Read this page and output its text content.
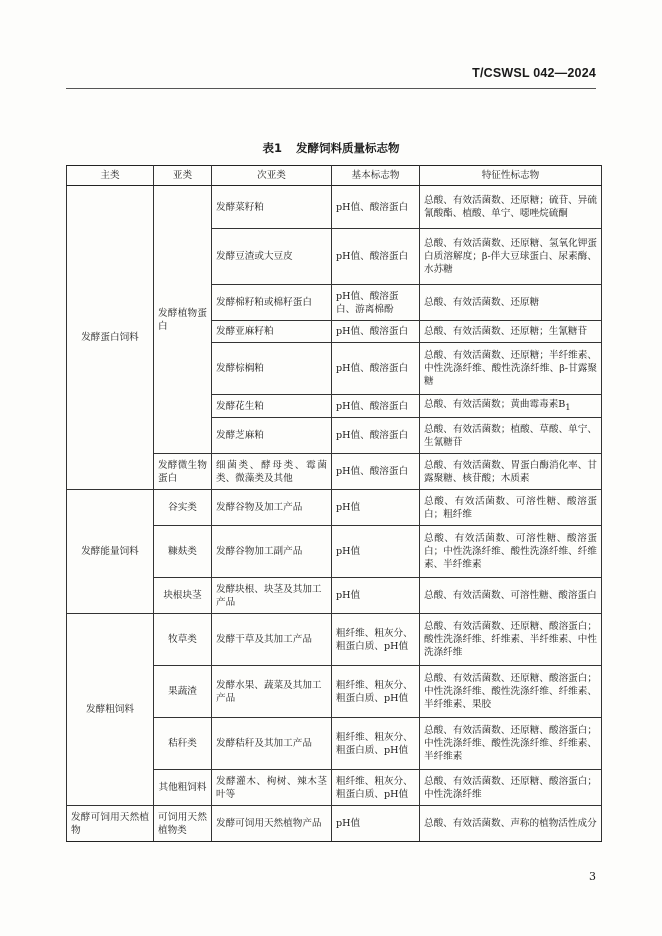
T/CSWSL 042—2024
表1 发酵饲料质量标志物
主类	亚类	次亚类	基本标志物	特征性标志物
发酵蛋白饲料	发酵植物蛋白	发酵菜籽粕	pH值、酸溶蛋白	总酸、有效活菌数、还原糖；硫苷、异硫氰酸酯、植酸、单宁、噁唑烷硫酮
		发酵豆渣或大豆皮	pH值、酸溶蛋白	总酸、有效活菌数、还原糖、氢氧化钾蛋白质溶解度；β-伴大豆球蛋白、尿素酶、水苏糖
		发酵棉籽粕或棉籽蛋白	pH值、酸溶蛋白、游离棉酚	总酸、有效活菌数、还原糖
		发酵亚麻籽粕	pH值、酸溶蛋白	总酸、有效活菌数、还原糖；生氰糖苷
		发酵棕榈粕	pH值、酸溶蛋白	总酸、有效活菌数、还原糖；半纤维素、中性洗涤纤维、酸性洗涤纤维、β-甘露聚糖
		发酵花生粕	pH值、酸溶蛋白	总酸、有效活菌数；黄曲霉毒素$B_1$
		发酵芝麻粕	pH值、酸溶蛋白	总酸、有效活菌数；植酸、草酸、单宁、生氰糖苷
	发酵微生物蛋白	细菌类、酵母类、霉菌类、微藻类及其他	pH值、酸溶蛋白	总酸、有效活菌数、胃蛋白酶消化率、甘露聚糖、核苷酸；木质素
发酵能量饲料	谷实类	发酵谷物及加工产品	pH值	总酸、有效活菌数、可溶性糖、酸溶蛋白；粗纤维
	糠麸类	发酵谷物加工副产品	pH值	总酸、有效活菌数、可溶性糖、酸溶蛋白；中性洗涤纤维、酸性洗涤纤维、纤维素、半纤维素
	块根块茎	发酵块根、块茎及其加工产品	pH值	总酸、有效活菌数、可溶性糖、酸溶蛋白
发酵粗饲料	牧草类	发酵干草及其加工产品	粗纤维、粗灰分、粗蛋白质、pH值	总酸、有效活菌数、还原糖、酸溶蛋白；酸性洗涤纤维、纤维素、半纤维素、中性洗涤纤维
	果蔬渣	发酵水果、蔬菜及其加工产品	粗纤维、粗灰分、粗蛋白质、pH值	总酸、有效活菌数、还原糖、酸溶蛋白；中性洗涤纤维、酸性洗涤纤维、纤维素、半纤维素、果胶
	秸秆类	发酵秸秆及其加工产品	粗纤维、粗灰分、粗蛋白质、pH值	总酸、有效活菌数、还原糖、酸溶蛋白；中性洗涤纤维、酸性洗涤纤维、纤维素、半纤维素
	其他粗饲料	发酵灌木、枸树、辣木茎叶等	粗纤维、粗灰分、粗蛋白质、pH值	总酸、有效活菌数、还原糖、酸溶蛋白；中性洗涤纤维
发酵可饲用天然植物	可饲用天然植物类	发酵可饲用天然植物产品	pH值	总酸、有效活菌数、声称的植物活性成分
3
